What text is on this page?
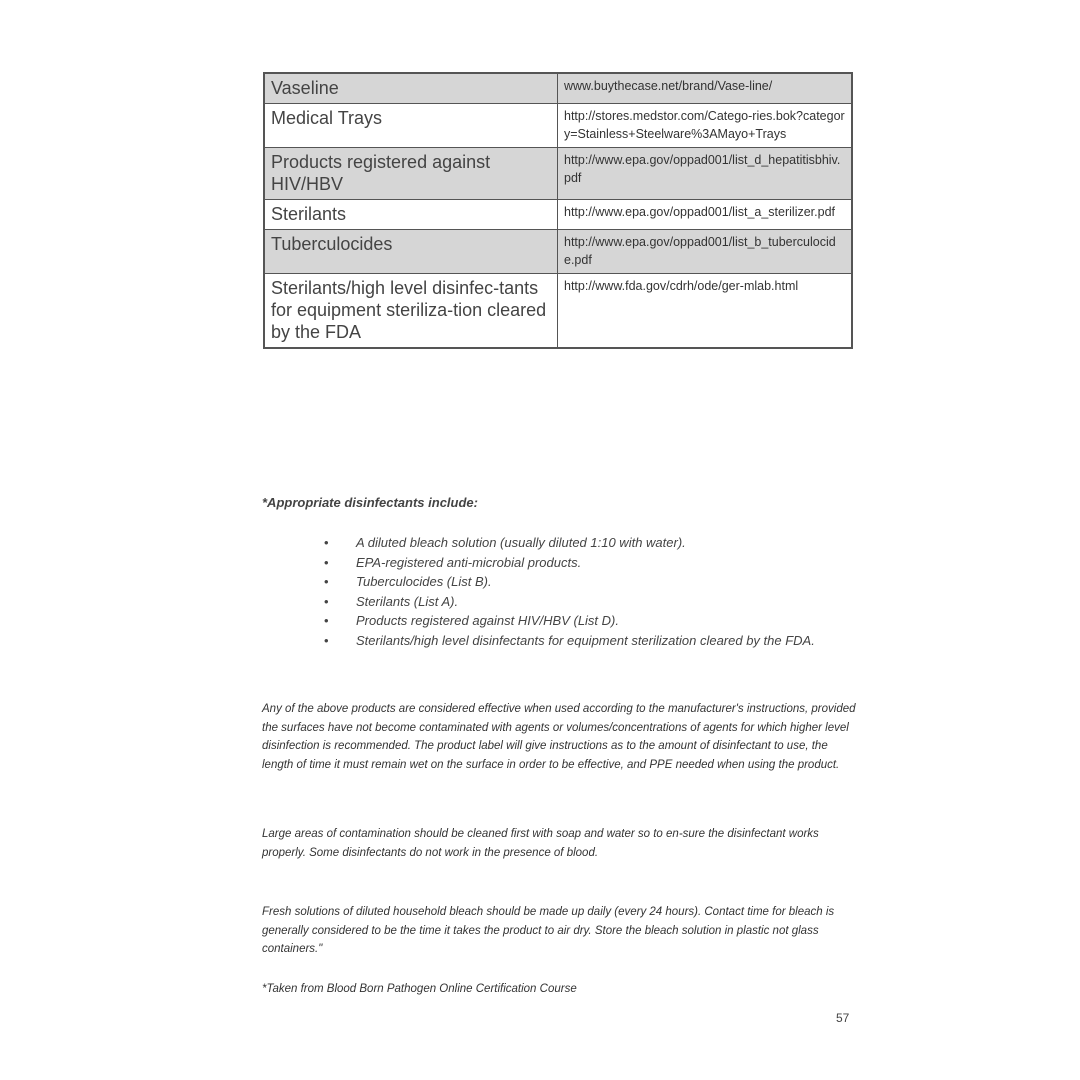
Vaseline	www.buythecase.net/brand/Vase-line/
Medical Trays	http://stores.medstor.com/Catego-ries.bok?category=Stainless+Steelware%3AMayo+Trays
Products registered against HIV/HBV	http://www.epa.gov/oppad001/list_d_hepatitisbhiv.pdf
Sterilants	http://www.epa.gov/oppad001/list_a_sterilizer.pdf
Tuberculocides	http://www.epa.gov/oppad001/list_b_tuberculocide.pdf
Sterilants/high level disinfec-tants for equipment steriliza-tion cleared by the FDA	http://www.fda.gov/cdrh/ode/ger-mlab.html
*Appropriate disinfectants include:
• A diluted bleach solution (usually diluted 1:10 with water).
• EPA-registered anti-microbial products.
• Tuberculocides (List B).
• Sterilants (List A).
• Products registered against HIV/HBV (List D).
• Sterilants/high level disinfectants for equipment sterilization cleared by the FDA.

Any of the above products are considered effective when used according to the manufacturer's instructions, provided the surfaces have not become contaminated with agents or volumes/concentrations of agents for which higher level disinfection is recommended. The product label will give instructions as to the amount of disinfectant to use, the length of time it must remain wet on the surface in order to be effective, and PPE needed when using the product.

Large areas of contamination should be cleaned first with soap and water so to en-sure the disinfectant works properly. Some disinfectants do not work in the presence of blood.

Fresh solutions of diluted household bleach should be made up daily (every 24 hours). Contact time for bleach is generally considered to be the time it takes the product to air dry. Store the bleach solution in plastic not glass containers."

*Taken from Blood Born Pathogen Online Certification Course

57
